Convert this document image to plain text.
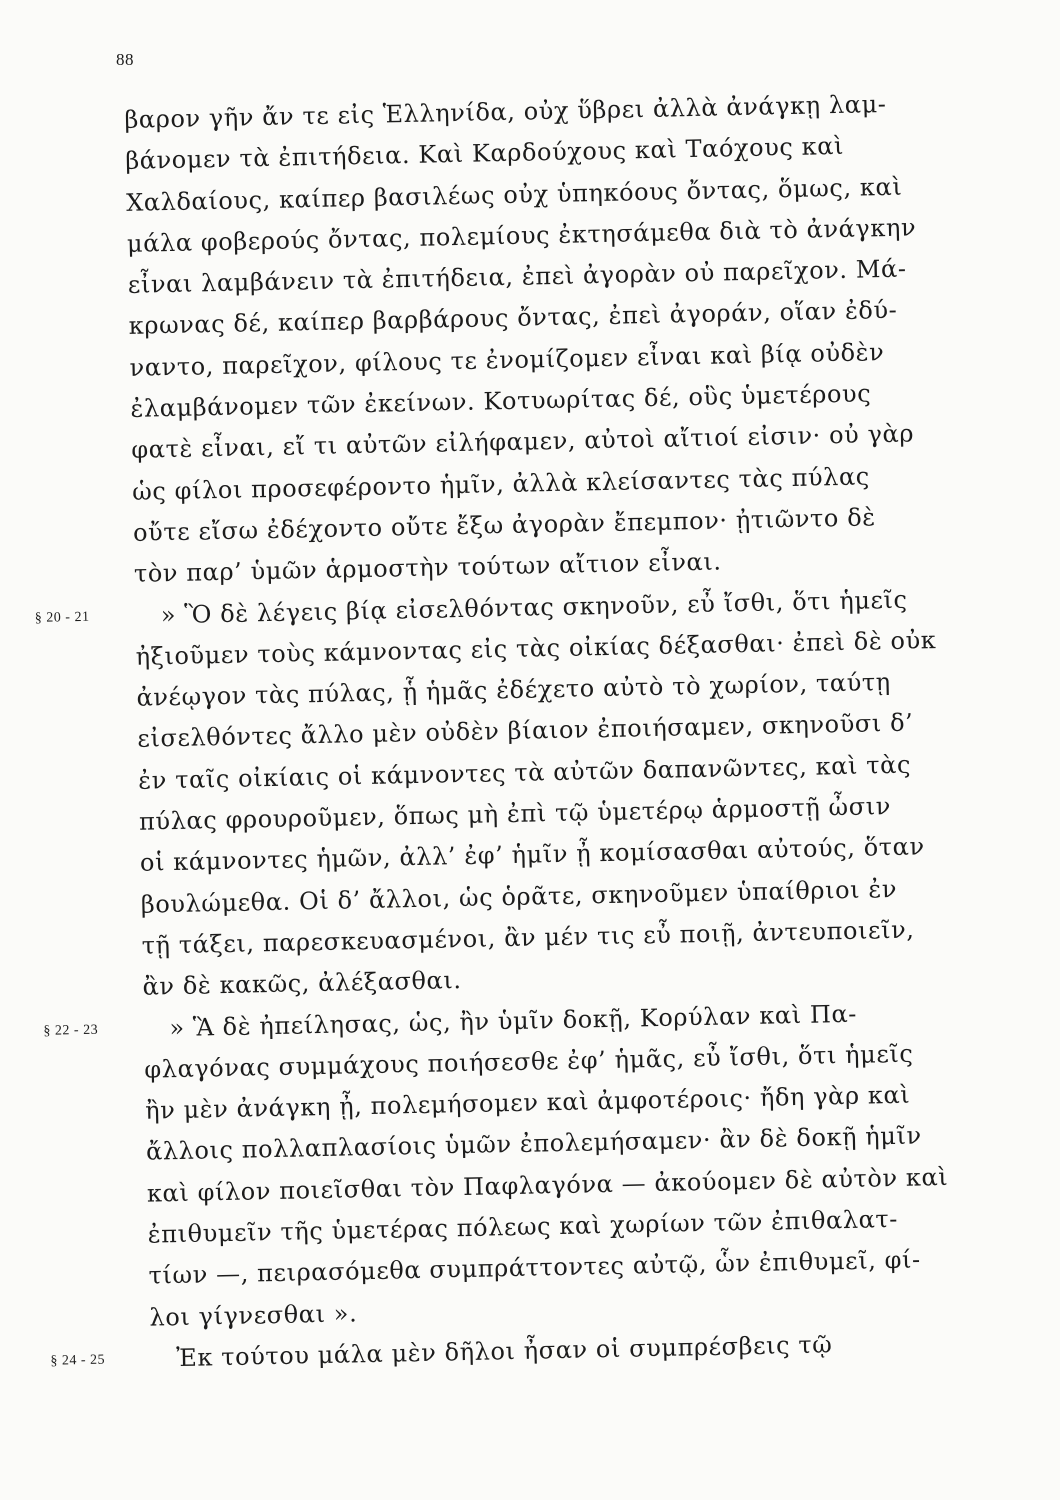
88
βαρον γῆν ἄν τε εἰς Ἑλληνίδα, οὐχ ὕβρει ἀλλὰ ἀνάγκῃ λαμ-
βάνομεν τὰ ἐπιτήδεια. Καὶ Καρδούχους καὶ Ταόχους καὶ
Χαλδαίους, καίπερ βασιλέως οὐχ ὑπηκόους ὄντας, ὅμως, καὶ
μάλα φοβερούς ὄντας, πολεμίους ἐκτησάμεθα διὰ τὸ ἀνάγκην
εἶναι λαμβάνειν τὰ ἐπιτήδεια, ἐπεὶ ἀγορὰν οὐ παρεῖχον. Μά-
κρωνας δέ, καίπερ βαρβάρους ὄντας, ἐπεὶ ἀγοράν, οἵαν ἐδύ-
ναντο, παρεῖχον, φίλους τε ἐνομίζομεν εἶναι καὶ βίᾳ οὐδὲν
ἐλαμβάνομεν τῶν ἐκείνων. Κοτυωρίτας δέ, οὓς ὑμετέρους
φατὲ εἶναι, εἴ τι αὐτῶν εἰλήφαμεν, αὐτοὶ αἴτιοί εἰσιν· οὐ γὰρ
ὡς φίλοι προσεφέροντο ἡμῖν, ἀλλὰ κλείσαντες τὰς πύλας
οὔτε εἴσω ἐδέχοντο οὔτε ἔξω ἀγορὰν ἔπεμπον· ᾐτιῶντο δὲ
τὸν παρ’ ὑμῶν ἁρμοστὴν τούτων αἴτιον εἶναι.
§ 20 - 21	» Ὃ δὲ λέγεις βίᾳ εἰσελθόντας σκηνοῦν, εὖ ἴσθι, ὅτι ἡμεῖς
ἠξιοῦμεν τοὺς κάμνοντας εἰς τὰς οἰκίας δέξασθαι· ἐπεὶ δὲ οὐκ
ἀνέῳγον τὰς πύλας, ᾗ ἡμᾶς ἐδέχετο αὐτὸ τὸ χωρίον, ταύτῃ
εἰσελθόντες ἄλλο μὲν οὐδὲν βίαιον ἐποιήσαμεν, σκηνοῦσι δ’
ἐν ταῖς οἰκίαις οἱ κάμνοντες τὰ αὐτῶν δαπανῶντες, καὶ τὰς
πύλας φρουροῦμεν, ὅπως μὴ ἐπὶ τῷ ὑμετέρῳ ἁρμοστῇ ὦσιν
οἱ κάμνοντες ἡμῶν, ἀλλ’ ἐφ’ ἡμῖν ᾖ κομίσασθαι αὐτούς, ὅταν
βουλώμεθα. Οἱ δ’ ἄλλοι, ὡς ὁρᾶτε, σκηνοῦμεν ὑπαίθριοι ἐν
τῇ τάξει, παρεσκευασμένοι, ἂν μέν τις εὖ ποιῇ, ἀντευποιεῖν,
ἂν δὲ κακῶς, ἀλέξασθαι.
§ 22 - 23	» Ἃ δὲ ἠπείλησας, ὡς, ἢν ὑμῖν δοκῇ, Κορύλαν καὶ Πα-
φλαγόνας συμμάχους ποιήσεσθε ἐφ’ ἡμᾶς, εὖ ἴσθι, ὅτι ἡμεῖς
ἢν μὲν ἀνάγκη ᾖ, πολεμήσομεν καὶ ἀμφοτέροις· ἤδη γὰρ καὶ
ἄλλοις πολλαπλασίοις ὑμῶν ἐπολεμήσαμεν· ἂν δὲ δοκῇ ἡμῖν
καὶ φίλον ποιεῖσθαι τὸν Παφλαγόνα — ἀκούομεν δὲ αὐτὸν καὶ
ἐπιθυμεῖν τῆς ὑμετέρας πόλεως καὶ χωρίων τῶν ἐπιθαλατ-
τίων —, πειρασόμεθα συμπράττοντες αὐτῷ, ὧν ἐπιθυμεῖ, φί-
λοι γίγνεσθαι ».
§ 24 - 25	Ἐκ τούτου μάλα μὲν δῆλοι ἦσαν οἱ συμπρέσβεις τῷ
